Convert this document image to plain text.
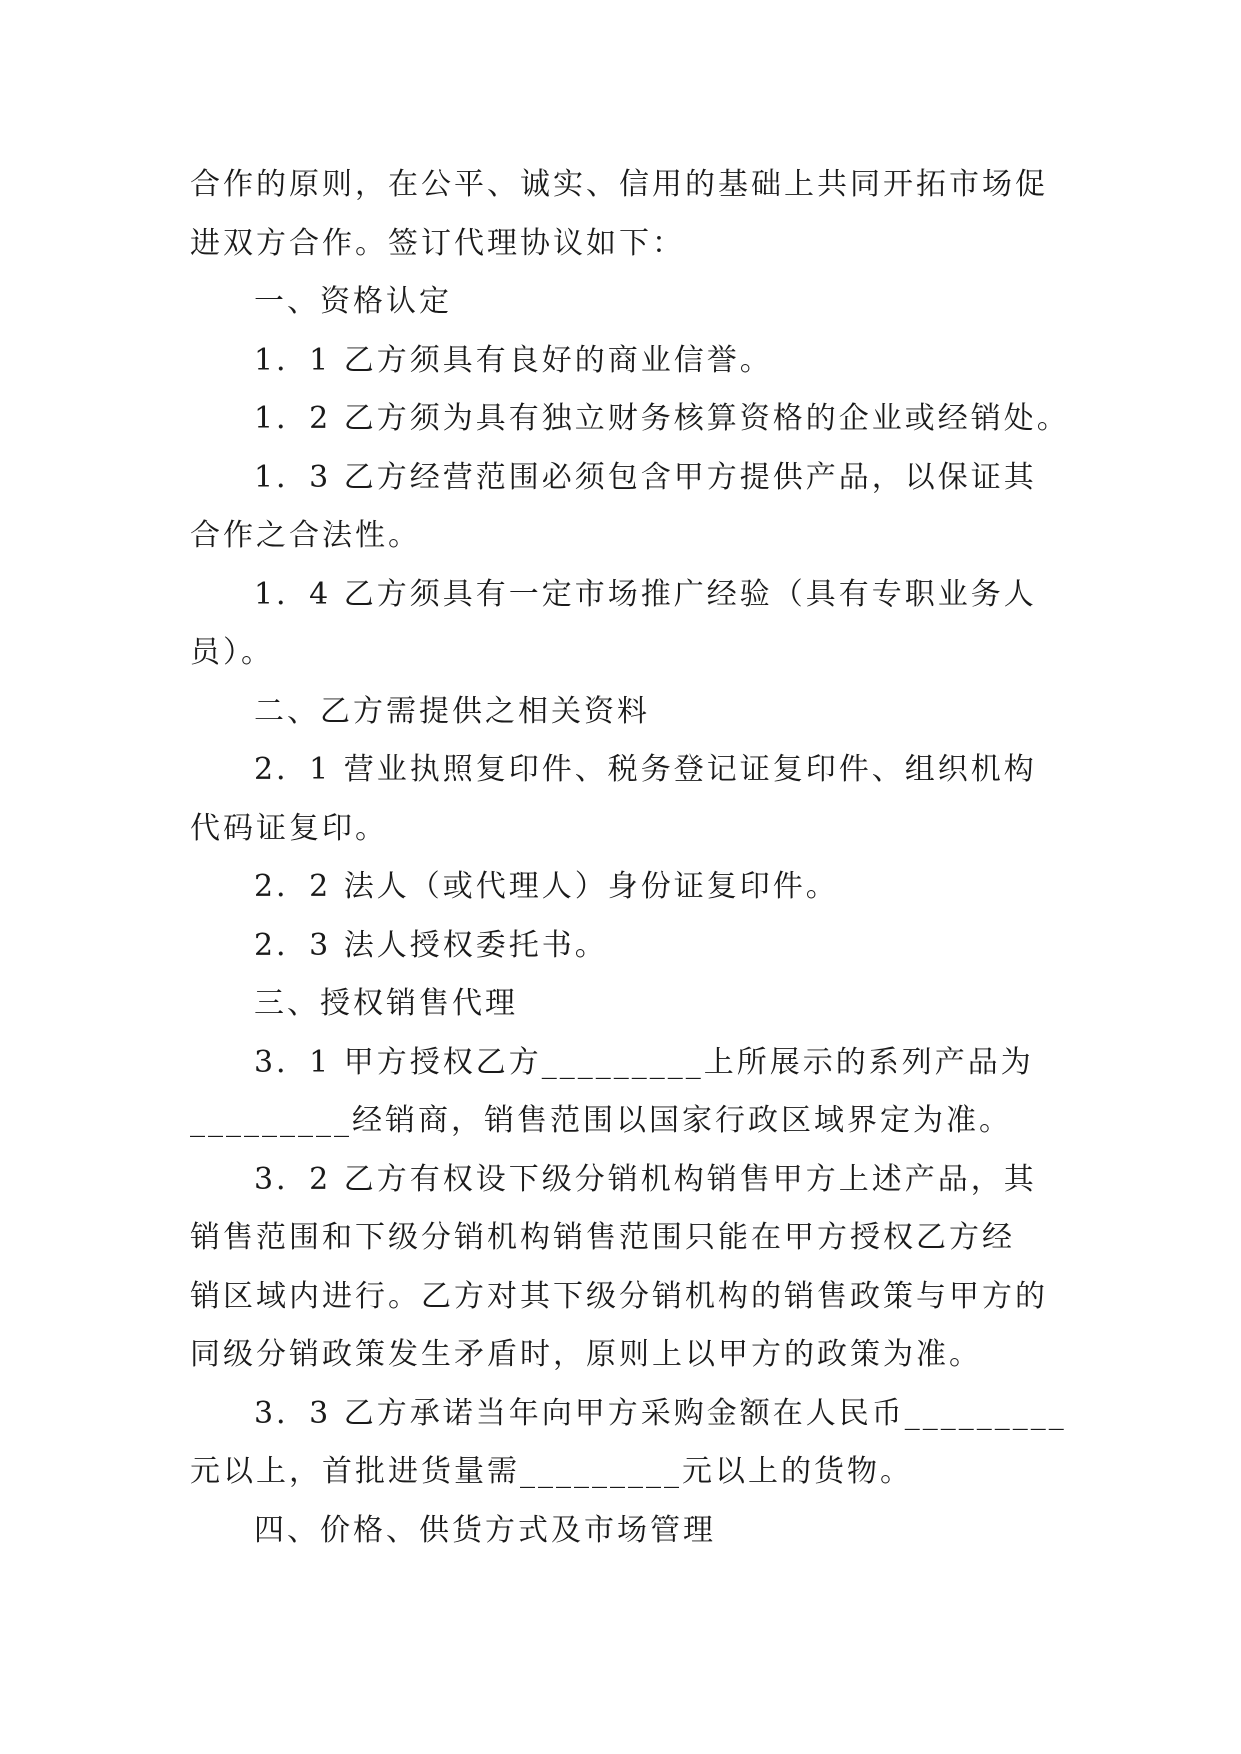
合作的原则，在公平、诚实、信用的基础上共同开拓市场促
进双方合作。签订代理协议如下：
一、资格认定
1．1 乙方须具有良好的商业信誉。
1．2 乙方须为具有独立财务核算资格的企业或经销处。
1．3 乙方经营范围必须包含甲方提供产品，以保证其
合作之合法性。
1．4 乙方须具有一定市场推广经验（具有专职业务人
员）。
二、乙方需提供之相关资料
2．1 营业执照复印件、税务登记证复印件、组织机构
代码证复印。
2．2 法人（或代理人）身份证复印件。
2．3 法人授权委托书。
三、授权销售代理
3．1 甲方授权乙方_________上所展示的系列产品为
_________经销商，销售范围以国家行政区域界定为准。
3．2 乙方有权设下级分销机构销售甲方上述产品，其
销售范围和下级分销机构销售范围只能在甲方授权乙方经
销区域内进行。乙方对其下级分销机构的销售政策与甲方的
同级分销政策发生矛盾时，原则上以甲方的政策为准。
3．3 乙方承诺当年向甲方采购金额在人民币_________
元以上，首批进货量需_________元以上的货物。
四、价格、供货方式及市场管理
